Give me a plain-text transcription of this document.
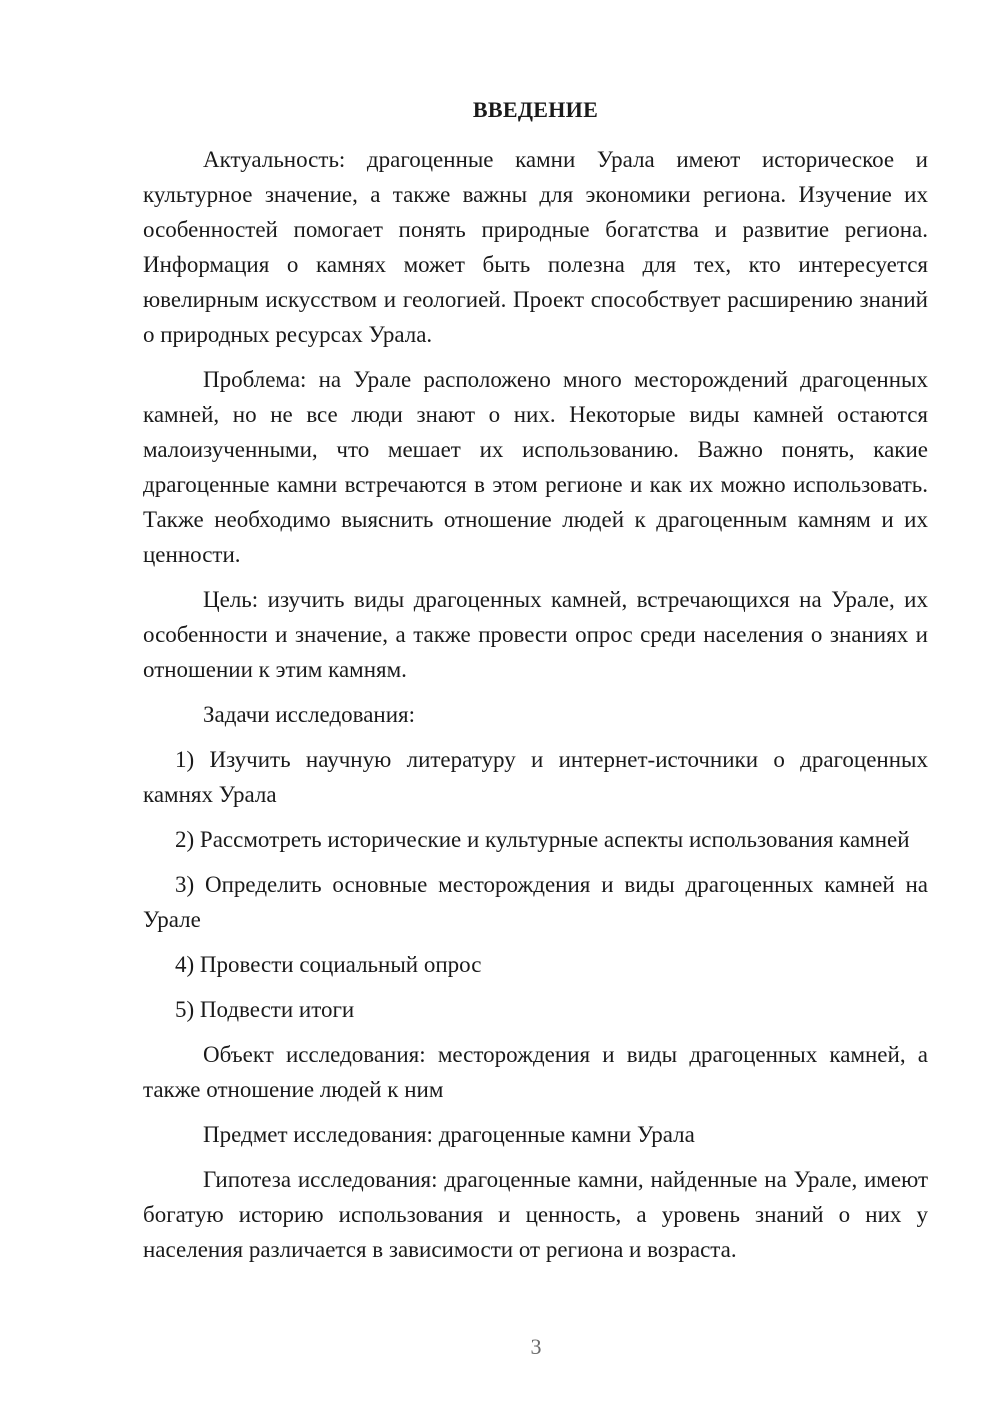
ВВЕДЕНИЕ

Актуальность: драгоценные камни Урала имеют историческое и культурное значение, а также важны для экономики региона. Изучение их особенностей помогает понять природные богатства и развитие региона. Информация о камнях может быть полезна для тех, кто интересуется ювелирным искусством и геологией. Проект способствует расширению знаний о природных ресурсах Урала.

Проблема: на Урале расположено много месторождений драгоценных камней, но не все люди знают о них. Некоторые виды камней остаются малоизученными, что мешает их использованию. Важно понять, какие драгоценные камни встречаются в этом регионе и как их можно использовать. Также необходимо выяснить отношение людей к драгоценным камням и их ценности.

Цель: изучить виды драгоценных камней, встречающихся на Урале, их особенности и значение, а также провести опрос среди населения о знаниях и отношении к этим камням.

Задачи исследования:

1) Изучить научную литературу и интернет-источники о драгоценных камнях Урала

2) Рассмотреть исторические и культурные аспекты использования камней

3) Определить основные месторождения и виды драгоценных камней на Урале

4) Провести социальный опрос

5) Подвести итоги

Объект исследования: месторождения и виды драгоценных камней, а также отношение людей к ним

Предмет исследования: драгоценные камни Урала

Гипотеза исследования: драгоценные камни, найденные на Урале, имеют богатую историю использования и ценность, а уровень знаний о них у населения различается в зависимости от региона и возраста.

3
